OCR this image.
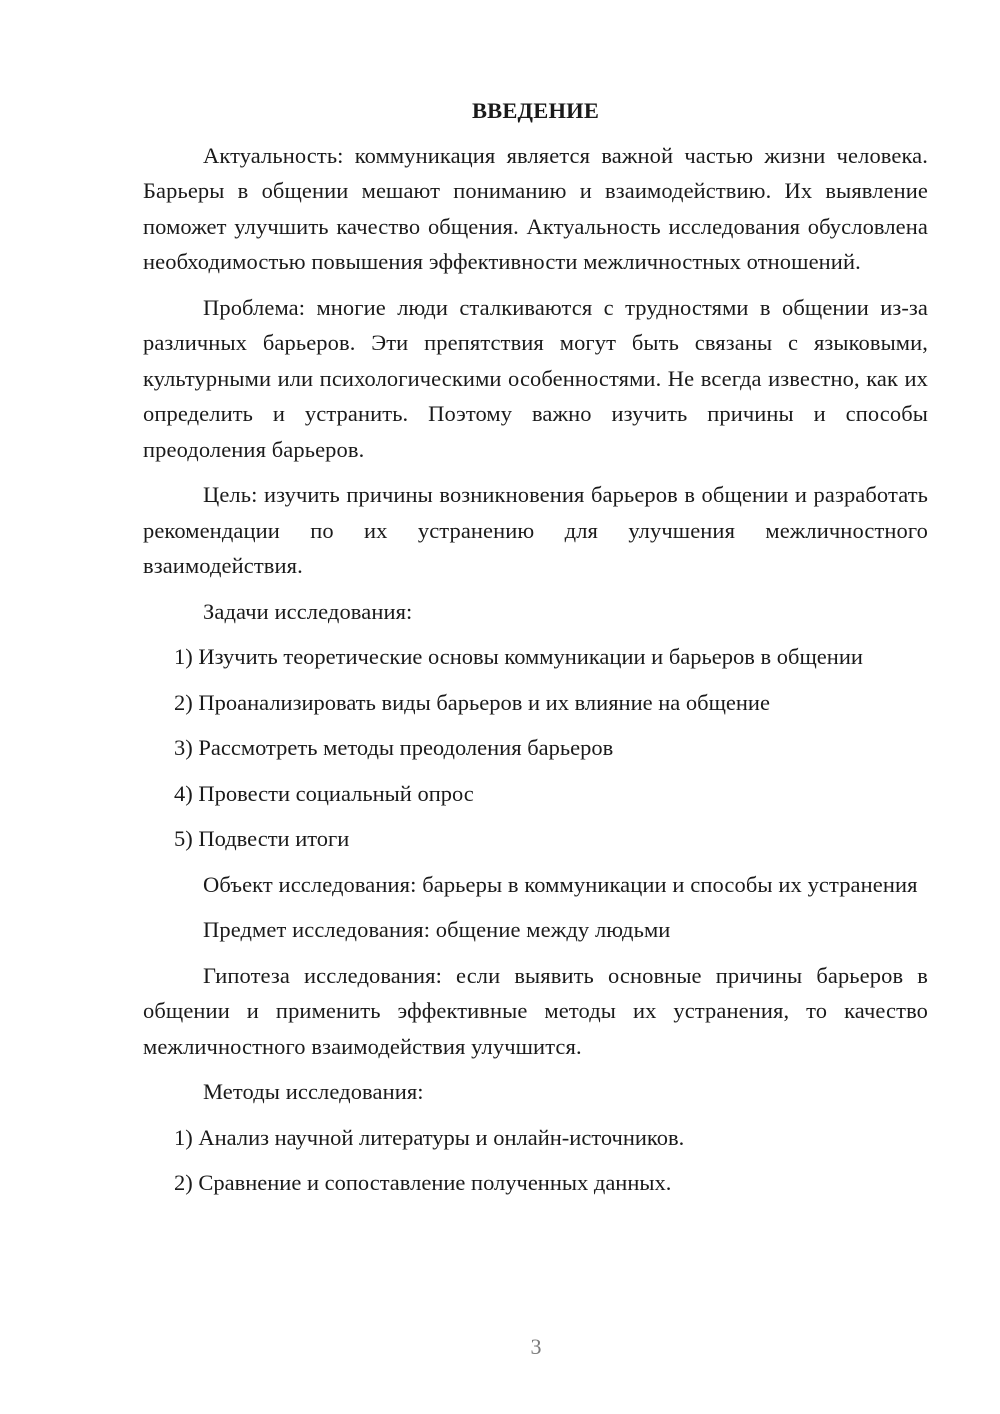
ВВЕДЕНИЕ

Актуальность: коммуникация является важной частью жизни человека. Барьеры в общении мешают пониманию и взаимодействию. Их выявление поможет улучшить качество общения. Актуальность исследования обусловлена необходимостью повышения эффективности межличностных отношений.

Проблема: многие люди сталкиваются с трудностями в общении из-за различных барьеров. Эти препятствия могут быть связаны с языковыми, культурными или психологическими особенностями. Не всегда известно, как их определить и устранить. Поэтому важно изучить причины и способы преодоления барьеров.

Цель: изучить причины возникновения барьеров в общении и разработать рекомендации по их устранению для улучшения межличностного взаимодействия.

Задачи исследования:

1) Изучить теоретические основы коммуникации и барьеров в общении

2) Проанализировать виды барьеров и их влияние на общение

3) Рассмотреть методы преодоления барьеров

4) Провести социальный опрос

5) Подвести итоги

Объект исследования: барьеры в коммуникации и способы их устранения

Предмет исследования: общение между людьми

Гипотеза исследования: если выявить основные причины барьеров в общении и применить эффективные методы их устранения, то качество межличностного взаимодействия улучшится.

Методы исследования:

1) Анализ научной литературы и онлайн-источников.

2) Сравнение и сопоставление полученных данных.

3
